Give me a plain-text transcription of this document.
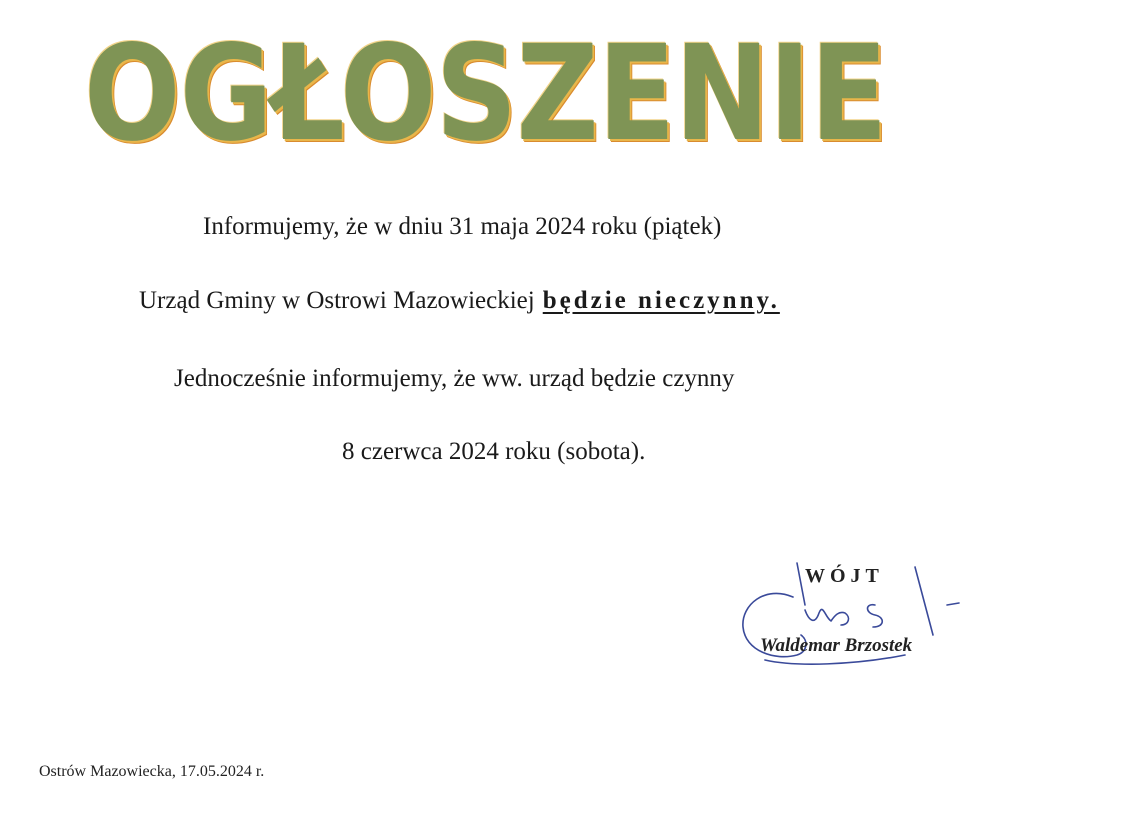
OGŁOSZENIE
Informujemy, że w dniu 31 maja 2024 roku (piątek)
Urząd Gminy w Ostrowi Mazowieckiej będzie nieczynny.
Jednocześnie informujemy, że ww. urząd będzie czynny
8 czerwca 2024 roku (sobota).
WÓJT
Waldemar Brzostek
Ostrów Mazowiecka, 17.05.2024 r.
